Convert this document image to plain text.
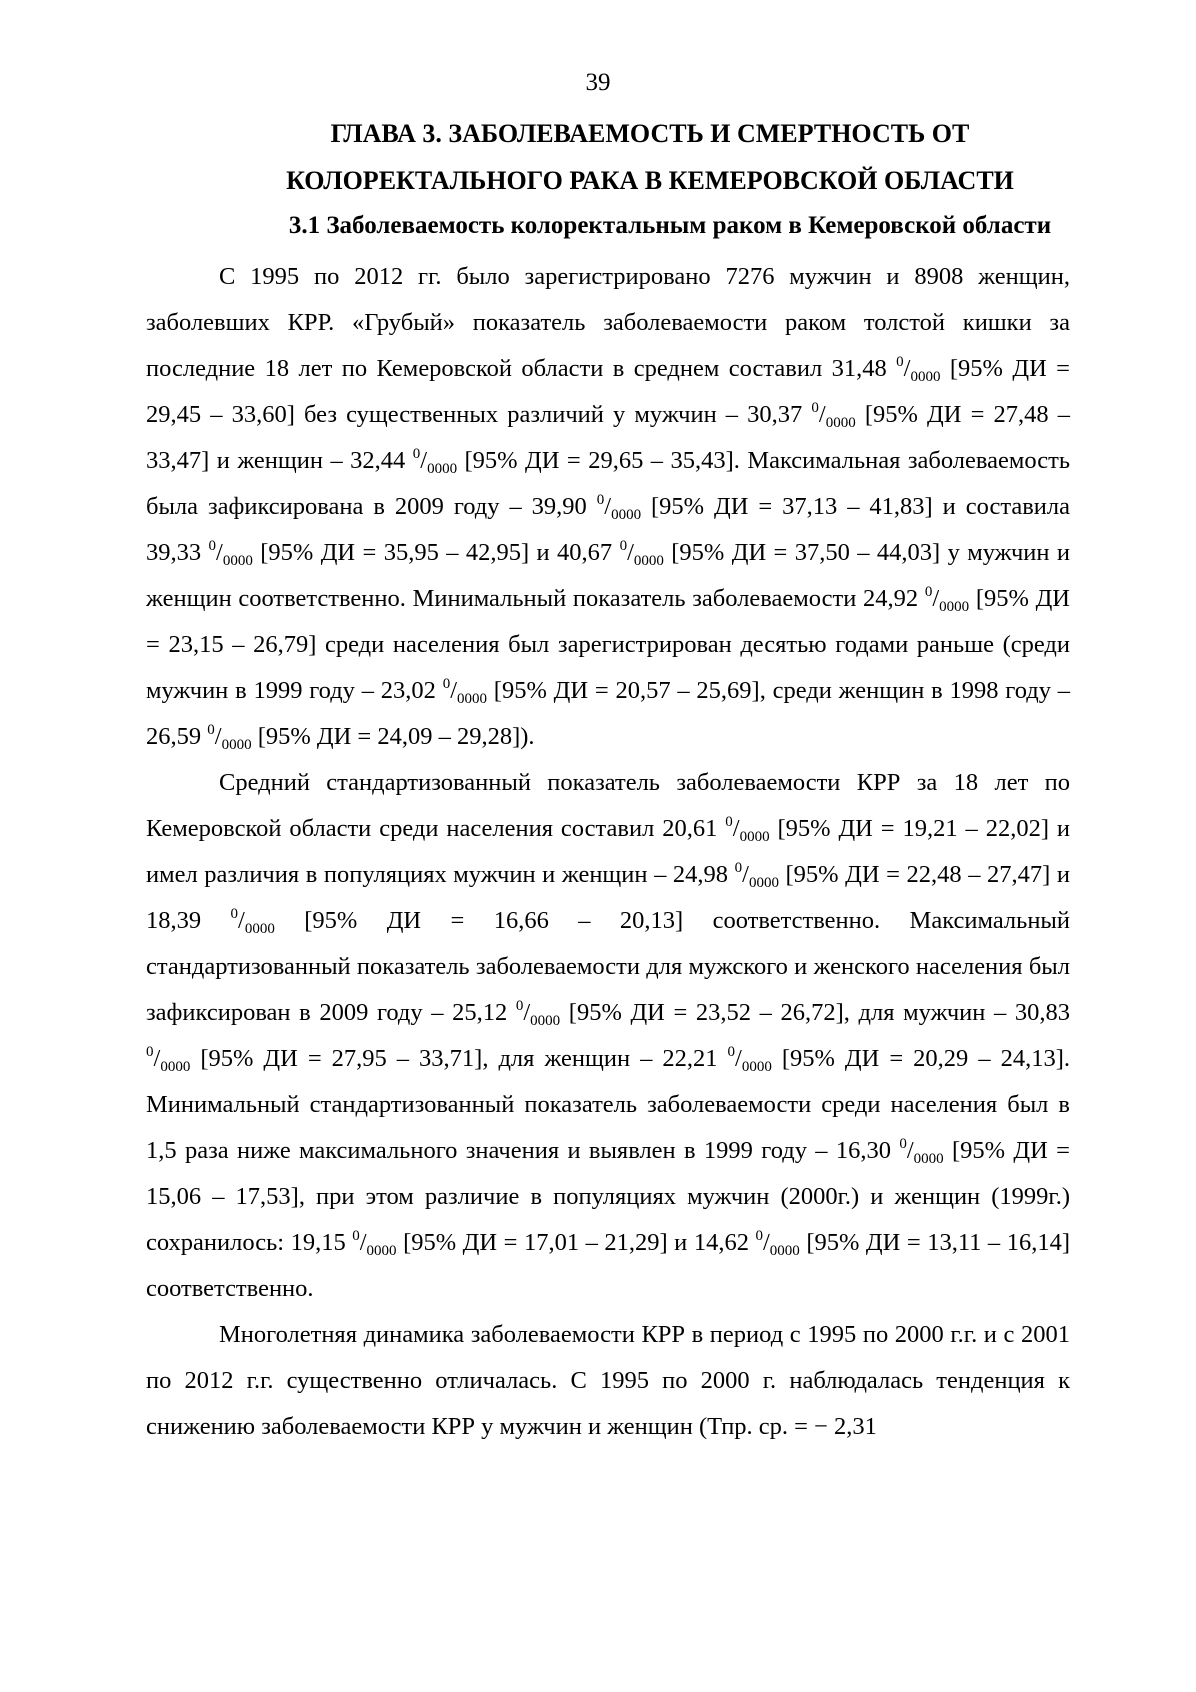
39
ГЛАВА 3. ЗАБОЛЕВАЕМОСТЬ И СМЕРТНОСТЬ ОТ
КОЛОРЕКТАЛЬНОГО РАКА В КЕМЕРОВСКОЙ ОБЛАСТИ
3.1 Заболеваемость колоректальным раком в Кемеровской области

С 1995 по 2012 гг. было зарегистрировано 7276 мужчин и 8908 женщин, заболевших КРР. «Грубый» показатель заболеваемости раком толстой кишки за последние 18 лет по Кемеровской области в среднем составил 31,48 $^0/_{0000}$ [95% ДИ = 29,45 – 33,60] без существенных различий у мужчин – 30,37 $^0/_{0000}$ [95% ДИ = 27,48 – 33,47] и женщин – 32,44 $^0/_{0000}$ [95% ДИ = 29,65 – 35,43]. Максимальная заболеваемость была зафиксирована в 2009 году – 39,90 $^0/_{0000}$ [95% ДИ = 37,13 – 41,83] и составила 39,33 $^0/_{0000}$ [95% ДИ = 35,95 – 42,95] и 40,67 $^0/_{0000}$ [95% ДИ = 37,50 – 44,03] у мужчин и женщин соответственно. Минимальный показатель заболеваемости 24,92 $^0/_{0000}$ [95% ДИ = 23,15 – 26,79] среди населения был зарегистрирован десятью годами раньше (среди мужчин в 1999 году – 23,02 $^0/_{0000}$ [95% ДИ = 20,57 – 25,69], среди женщин в 1998 году – 26,59 $^0/_{0000}$ [95% ДИ = 24,09 – 29,28]).

Средний стандартизованный показатель заболеваемости КРР за 18 лет по Кемеровской области среди населения составил 20,61 $^0/_{0000}$ [95% ДИ = 19,21 – 22,02] и имел различия в популяциях мужчин и женщин – 24,98 $^0/_{0000}$ [95% ДИ = 22,48 – 27,47] и 18,39 $^0/_{0000}$ [95% ДИ = 16,66 – 20,13] соответственно. Максимальный стандартизованный показатель заболеваемости для мужского и женского населения был зафиксирован в 2009 году – 25,12 $^0/_{0000}$ [95% ДИ = 23,52 – 26,72], для мужчин – 30,83 $^0/_{0000}$ [95% ДИ = 27,95 – 33,71], для женщин – 22,21 $^0/_{0000}$ [95% ДИ = 20,29 – 24,13]. Минимальный стандартизованный показатель заболеваемости среди населения был в 1,5 раза ниже максимального значения и выявлен в 1999 году – 16,30 $^0/_{0000}$ [95% ДИ = 15,06 – 17,53], при этом различие в популяциях мужчин (2000г.) и женщин (1999г.) сохранилось: 19,15 $^0/_{0000}$ [95% ДИ = 17,01 – 21,29] и 14,62 $^0/_{0000}$ [95% ДИ = 13,11 – 16,14] соответственно.

Многолетняя динамика заболеваемости КРР в период с 1995 по 2000 г.г. и с 2001 по 2012 г.г. существенно отличалась. С 1995 по 2000 г. наблюдалась тенденция к снижению заболеваемости КРР у мужчин и женщин (Тпр. ср. = − 2,31
